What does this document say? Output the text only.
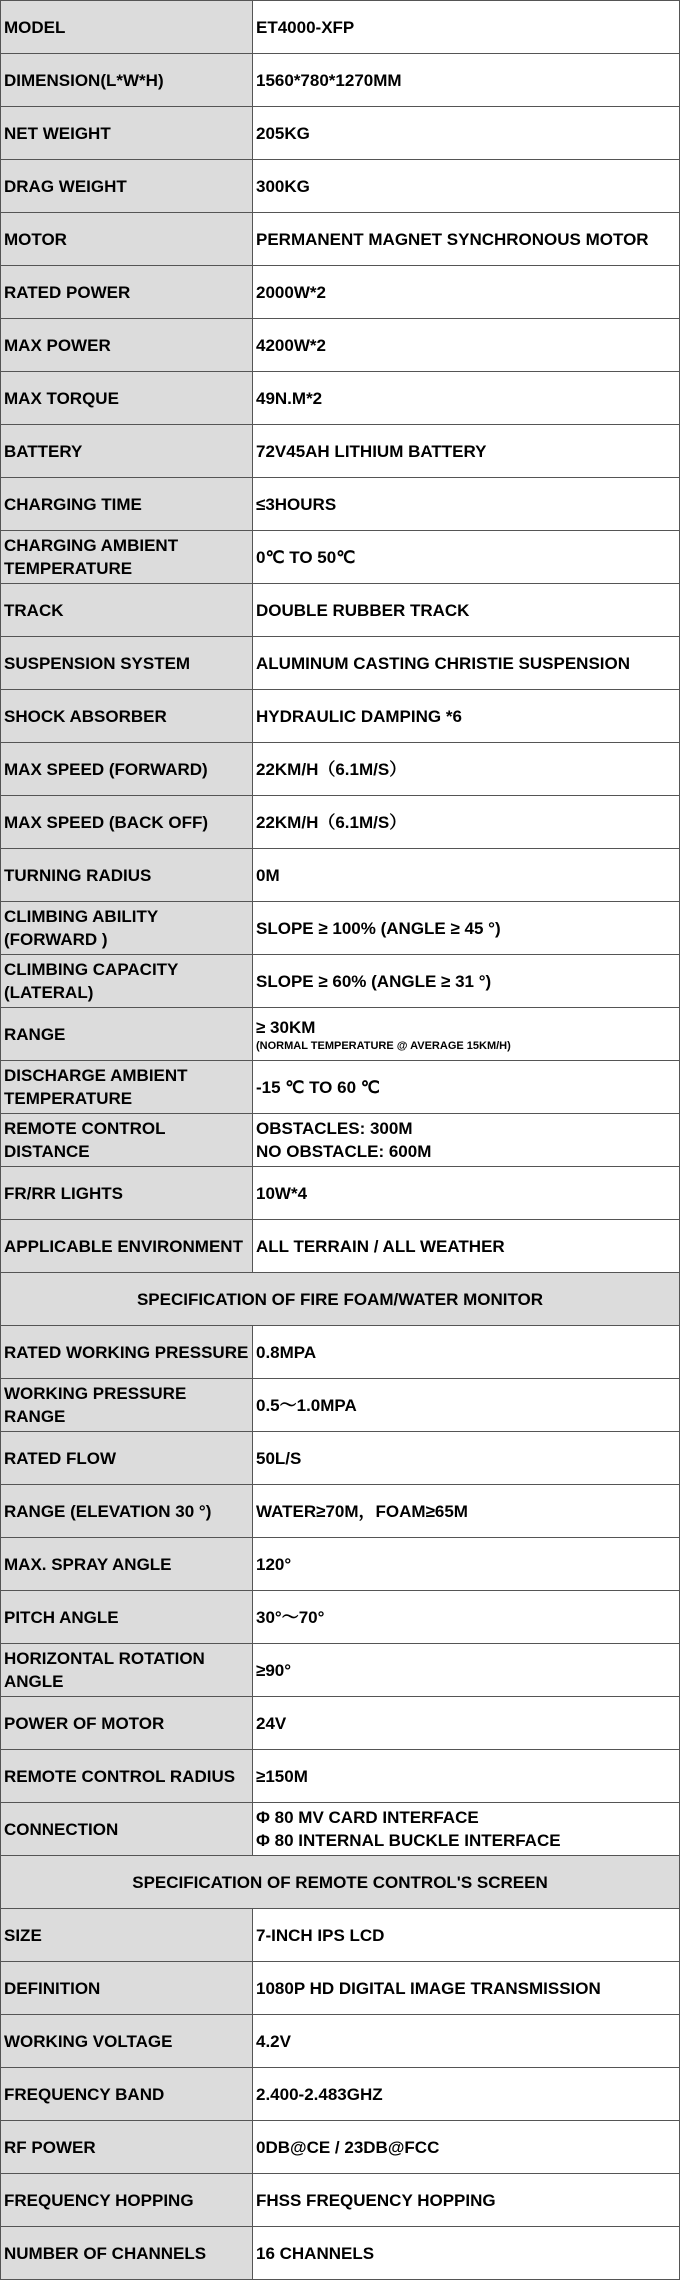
MODEL	ET4000-XFP

DIMENSION(L*W*H)	1560*780*1270MM

NET WEIGHT	205KG

DRAG WEIGHT	300KG

MOTOR	PERMANENT MAGNET SYNCHRONOUS MOTOR

RATED POWER	2000W*2

MAX POWER	4200W*2

MAX TORQUE	49N.M*2

BATTERY	72V45AH LITHIUM BATTERY

CHARGING TIME	≤3HOURS

CHARGING AMBIENT TEMPERATURE	0℃ TO 50℃

TRACK	DOUBLE RUBBER TRACK

SUSPENSION SYSTEM	ALUMINUM CASTING CHRISTIE SUSPENSION

SHOCK ABSORBER	HYDRAULIC DAMPING *6

MAX SPEED (FORWARD)	22KM/H（6.1M/S）

MAX SPEED (BACK OFF)	22KM/H（6.1M/S）

TURNING RADIUS	0M

CLIMBING ABILITY (FORWARD )	SLOPE ≥ 100% (ANGLE ≥ 45 °)

CLIMBING CAPACITY (LATERAL)	SLOPE ≥ 60% (ANGLE ≥ 31 °)

RANGE	≥ 30KM
(NORMAL TEMPERATURE @ AVERAGE 15KM/H)

DISCHARGE AMBIENT TEMPERATURE	-15 ℃ TO 60 ℃

REMOTE CONTROL DISTANCE	OBSTACLES: 300M
NO OBSTACLE: 600M

FR/RR LIGHTS	10W*4

APPLICABLE ENVIRONMENT	ALL TERRAIN / ALL WEATHER

SPECIFICATION OF FIRE FOAM/WATER MONITOR	
RATED WORKING PRESSURE	0.8MPA

WORKING PRESSURE RANGE	0.5～1.0MPA

RATED FLOW	50L/S

RANGE (ELEVATION 30 °)	WATER≥70M，FOAM≥65M

MAX. SPRAY ANGLE	120°

PITCH ANGLE	30°～70°

HORIZONTAL ROTATION ANGLE	≥90°

POWER OF MOTOR	24V

REMOTE CONTROL RADIUS	≥150M

CONNECTION	Φ 80 MV CARD INTERFACE
Φ 80 INTERNAL BUCKLE INTERFACE

SPECIFICATION OF REMOTE CONTROL'S SCREEN	
SIZE	7-INCH IPS LCD

DEFINITION	1080P HD DIGITAL IMAGE TRANSMISSION

WORKING VOLTAGE	4.2V

FREQUENCY BAND	2.400-2.483GHZ

RF POWER	0DB@CE / 23DB@FCC

FREQUENCY HOPPING	FHSS FREQUENCY HOPPING

NUMBER OF CHANNELS	16 CHANNELS
